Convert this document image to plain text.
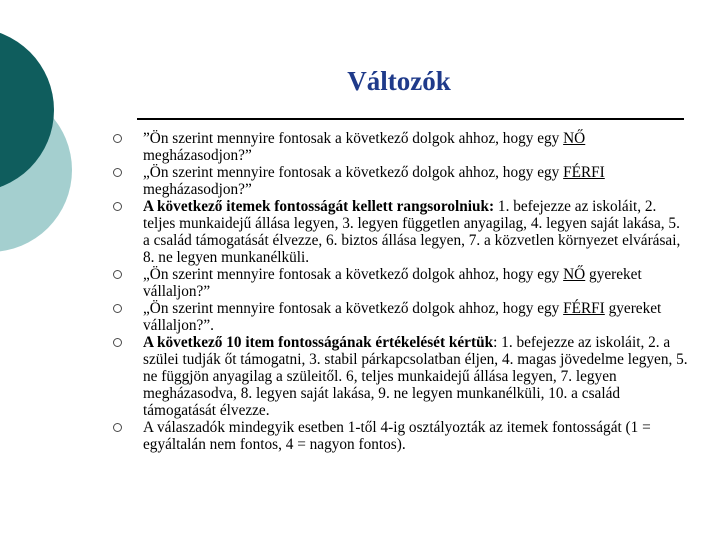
Változók
”Ön szerint mennyire fontosak a következő dolgok ahhoz, hogy egy NŐ megházasodjon?”
„Ön szerint mennyire fontosak a következő dolgok ahhoz, hogy egy FÉRFI megházasodjon?”
A következő itemek fontosságát kellett rangsorolniuk: 1. befejezze az iskoláit, 2. teljes munkaidejű állása legyen, 3. legyen független anyagilag, 4. legyen saját lakása, 5. a család támogatását élvezze, 6. biztos állása legyen, 7. a közvetlen környezet elvárásai, 8. ne legyen munkanélküli.
„Ön szerint mennyire fontosak a következő dolgok ahhoz, hogy egy NŐ gyereket vállaljon?”
„Ön szerint mennyire fontosak a következő dolgok ahhoz, hogy egy FÉRFI gyereket vállaljon?”.
A következő 10 item fontosságának értékelését kértük: 1. befejezze az iskoláit, 2. a szülei tudják őt támogatni, 3. stabil párkapcsolatban éljen, 4. magas jövedelme legyen, 5. ne függjön anyagilag a szüleitől. 6, teljes munkaidejű állása legyen, 7. legyen megházasodva, 8. legyen saját lakása, 9. ne legyen munkanélküli, 10. a család támogatását élvezze.
A válaszadók mindegyik esetben 1-től 4-ig osztályozták az itemek fontosságát (1 = egyáltalán nem fontos, 4 = nagyon fontos).
